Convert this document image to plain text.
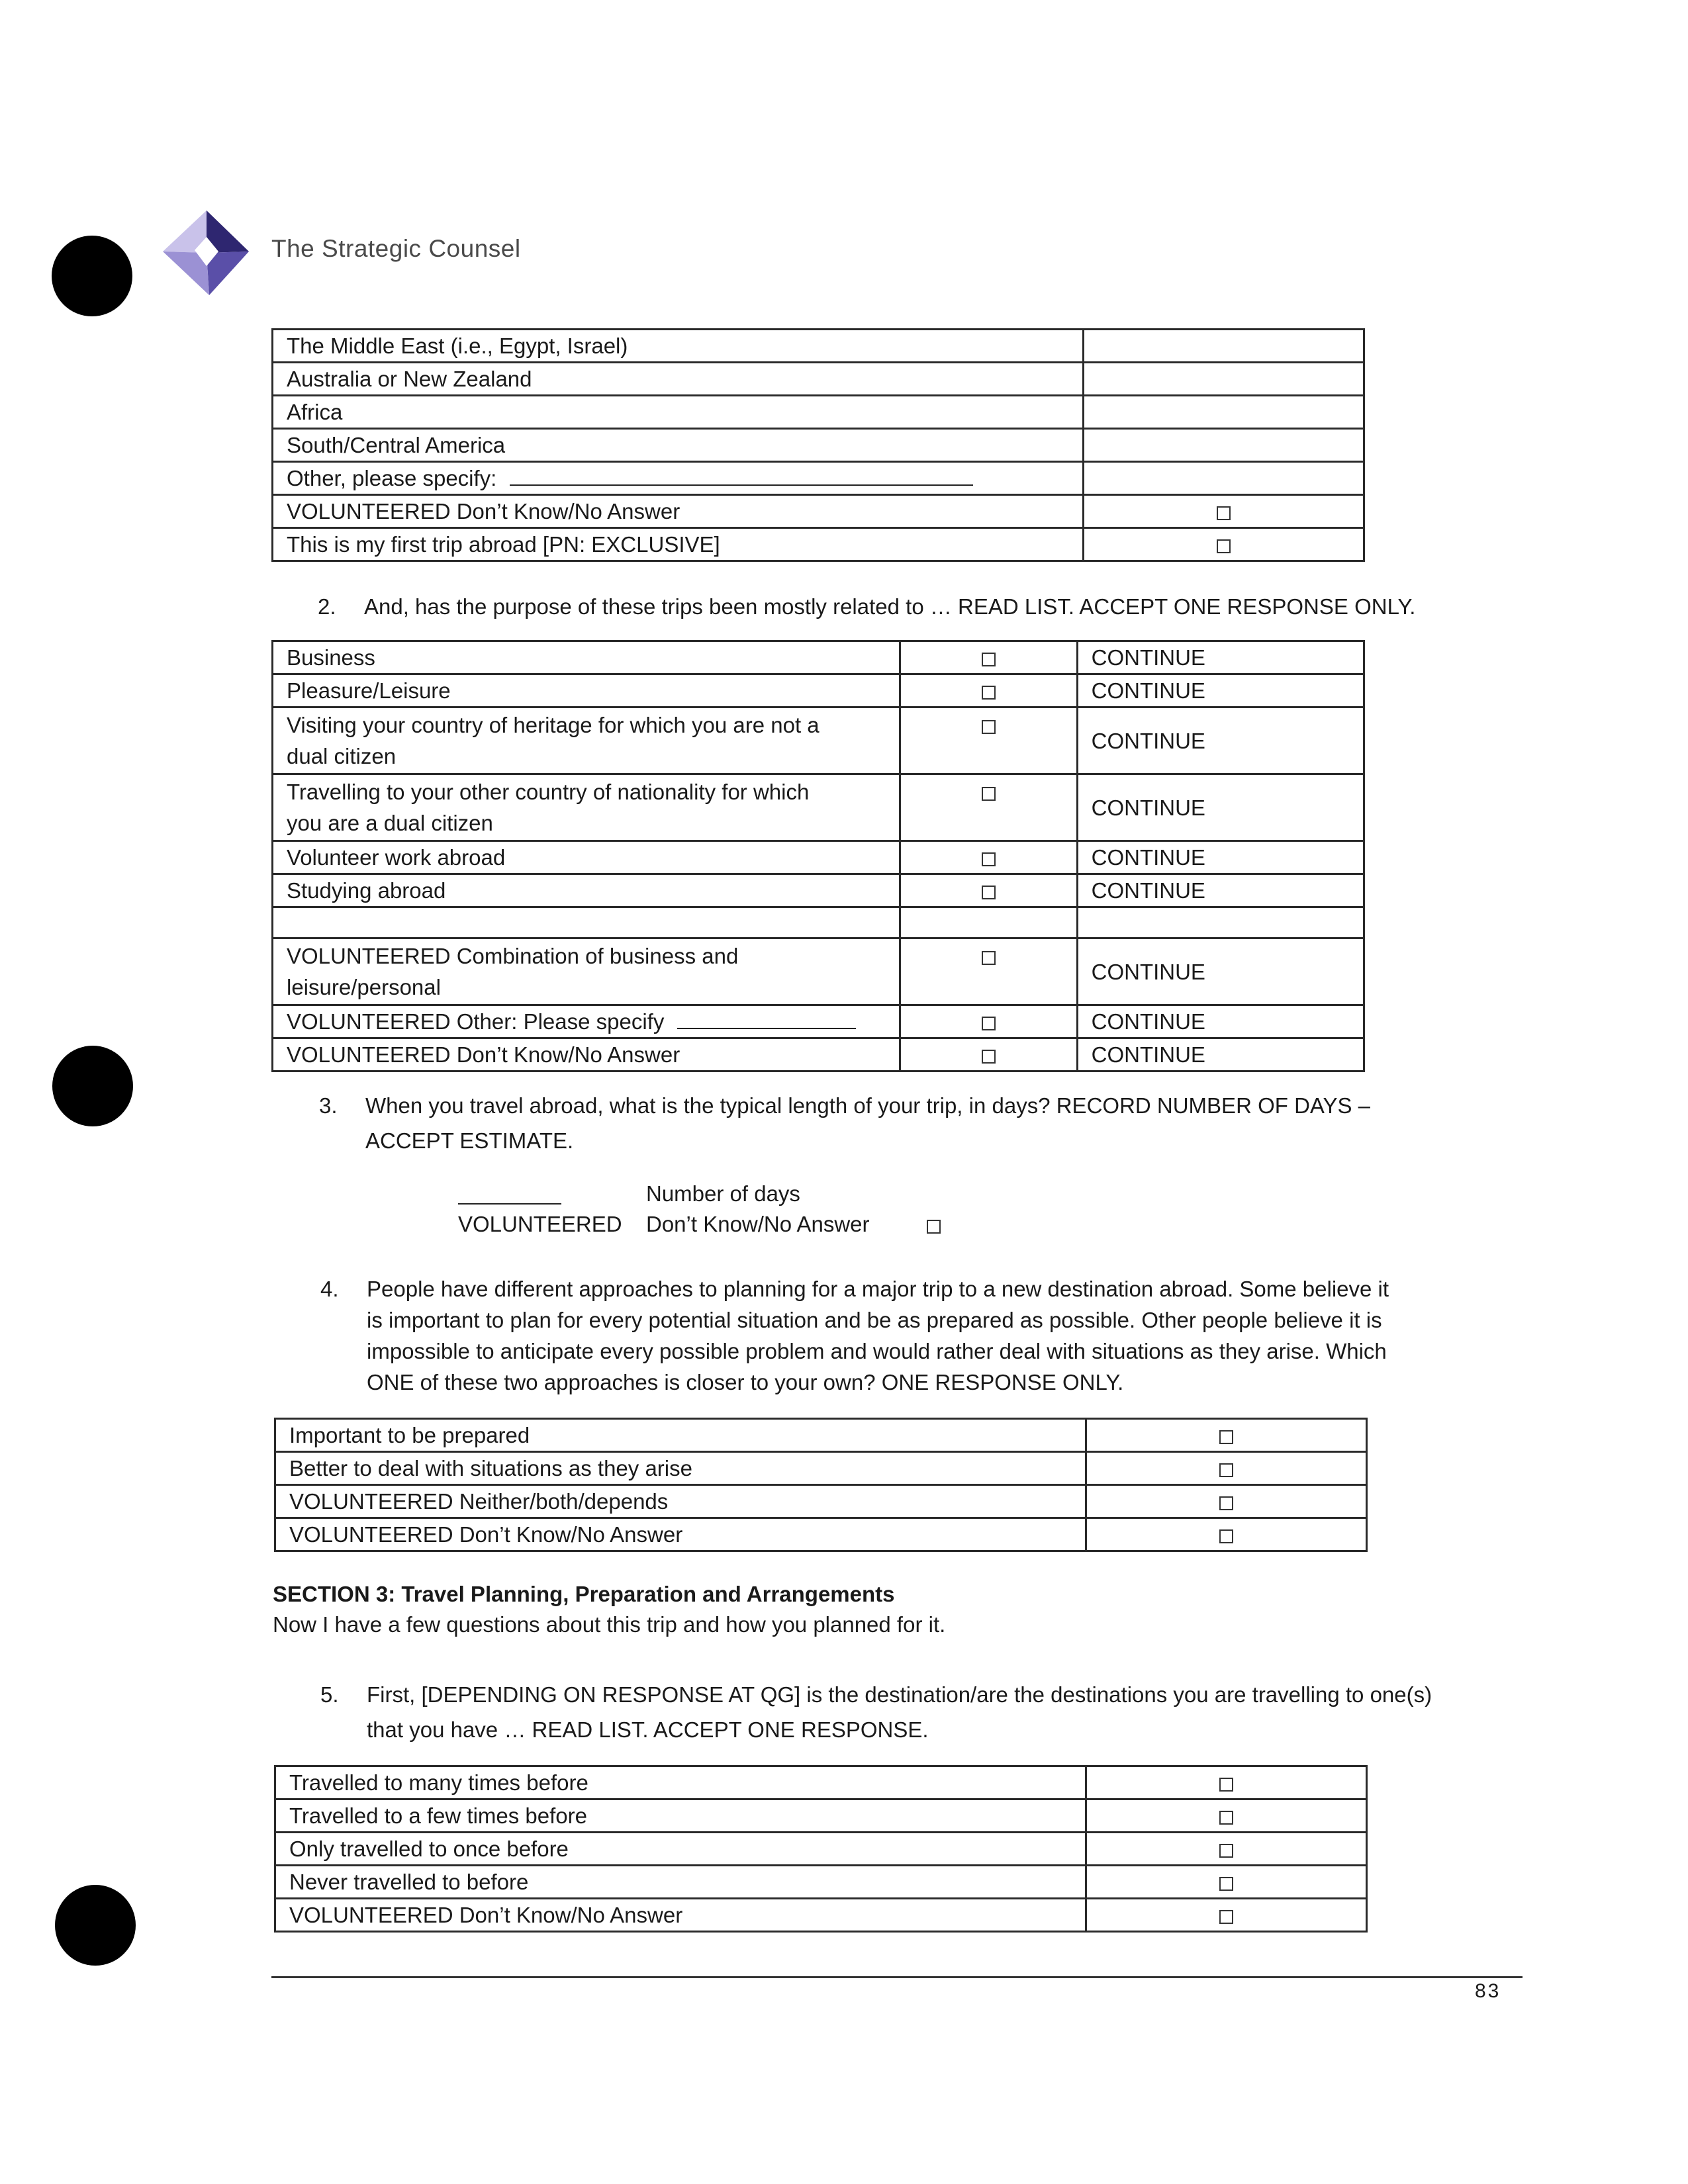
The Strategic Counsel
The Middle East (i.e., Egypt, Israel)	
Australia or New Zealand	
Africa	
South/Central America	
Other, please specify:	
VOLUNTEERED Don’t Know/No Answer	
This is my first trip abroad [PN: EXCLUSIVE]	
2. And, has the purpose of these trips been mostly related to … READ LIST. ACCEPT ONE RESPONSE ONLY.
Business		CONTINUE
Pleasure/Leisure		CONTINUE

Visiting your country of heritage for which you are not a
dual citizen		CONTINUE

Travelling to your other country of nationality for which
you are a dual citizen		CONTINUE
Volunteer work abroad		CONTINUE
Studying abroad		CONTINUE

VOLUNTEERED Combination of business and
leisure/personal		CONTINUE
VOLUNTEERED Other: Please specify		CONTINUE
VOLUNTEERED Don’t Know/No Answer		CONTINUE
3. When you travel abroad, what is the typical length of your trip, in days? RECORD NUMBER OF DAYS –
ACCEPT ESTIMATE.
Number of days
VOLUNTEERED Don’t Know/No Answer
4. People have different approaches to planning for a major trip to a new destination abroad. Some believe it
is important to plan for every potential situation and be as prepared as possible. Other people believe it is
impossible to anticipate every possible problem and would rather deal with situations as they arise. Which
ONE of these two approaches is closer to your own? ONE RESPONSE ONLY.
Important to be prepared	
Better to deal with situations as they arise	
VOLUNTEERED Neither/both/depends	
VOLUNTEERED Don’t Know/No Answer	
SECTION 3: Travel Planning, Preparation and Arrangements
Now I have a few questions about this trip and how you planned for it.
5. First, [DEPENDING ON RESPONSE AT QG] is the destination/are the destinations you are travelling to one(s)
that you have … READ LIST. ACCEPT ONE RESPONSE.
Travelled to many times before	
Travelled to a few times before	
Only travelled to once before	
Never travelled to before	
VOLUNTEERED Don’t Know/No Answer	
83
